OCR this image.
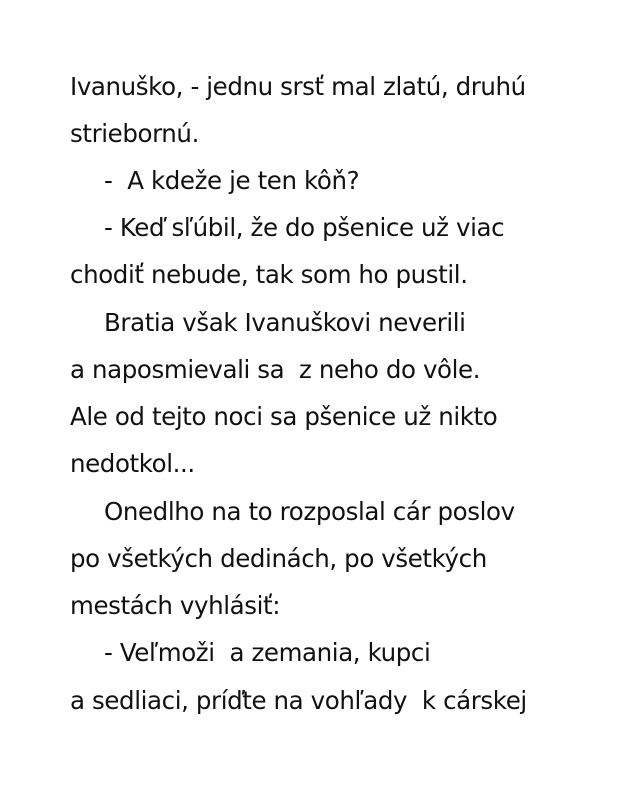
Ivanuško, - jednu srsť mal zlatú, druhú
striebornú.
-  A kdeže je ten kôň?
- Keď sľúbil, že do pšenice už viac
chodiť nebude, tak som ho pustil.
Bratia však Ivanuškovi neverili
a naposmievali sa  z neho do vôle.
Ale od tejto noci sa pšenice už nikto
nedotkol...
Onedlho na to rozposlal cár poslov
po všetkých dedinách, po všetkých
mestách vyhlásiť:
- Veľmoži  a zemania, kupci
a sedliaci, príďte na vohľady  k cárskej
